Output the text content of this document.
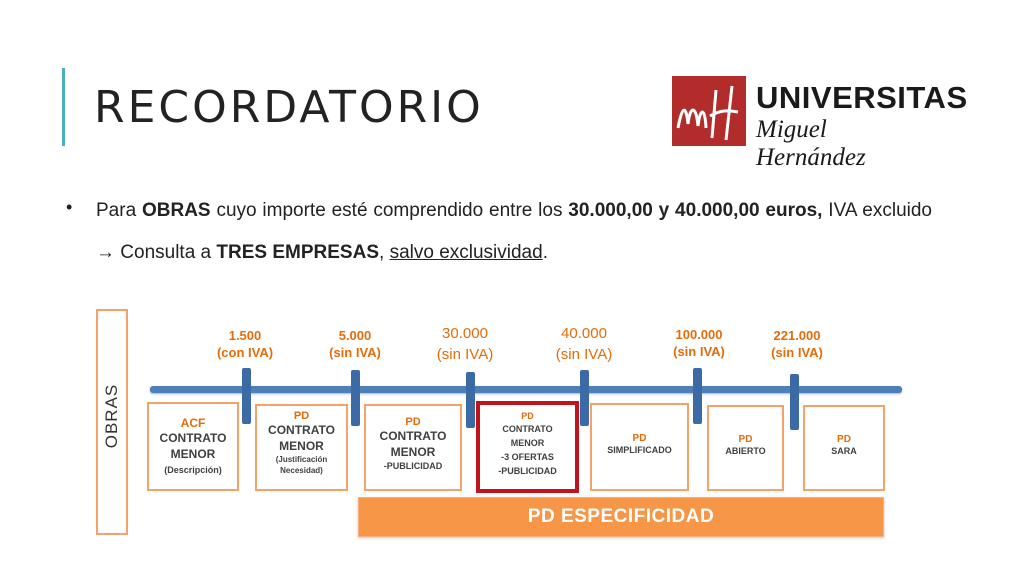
RECORDATORIO	UNIVERSITAS
Miguel Hernández
• Para OBRAS cuyo importe esté comprendido entre los 30.000,00 y 40.000,00 euros, IVA excluido → Consulta a TRES EMPRESAS, salvo exclusividad.
OBRAS
1.500
(con IVA)
5.000
(sin IVA)
30.000
(sin IVA)
40.000
(sin IVA)
100.000
(sin IVA)
221.000
(sin IVA)
ACF
CONTRATO
MENOR
(Descripción)
PD
CONTRATO
MENOR
(Justificación
Necesidad)
PD
CONTRATO
MENOR
-PUBLICIDAD
PD
CONTRATO
MENOR
-3 OFERTAS
-PUBLICIDAD
PD
SIMPLIFICADO
PD
ABIERTO
PD
SARA
PD ESPECIFICIDAD
